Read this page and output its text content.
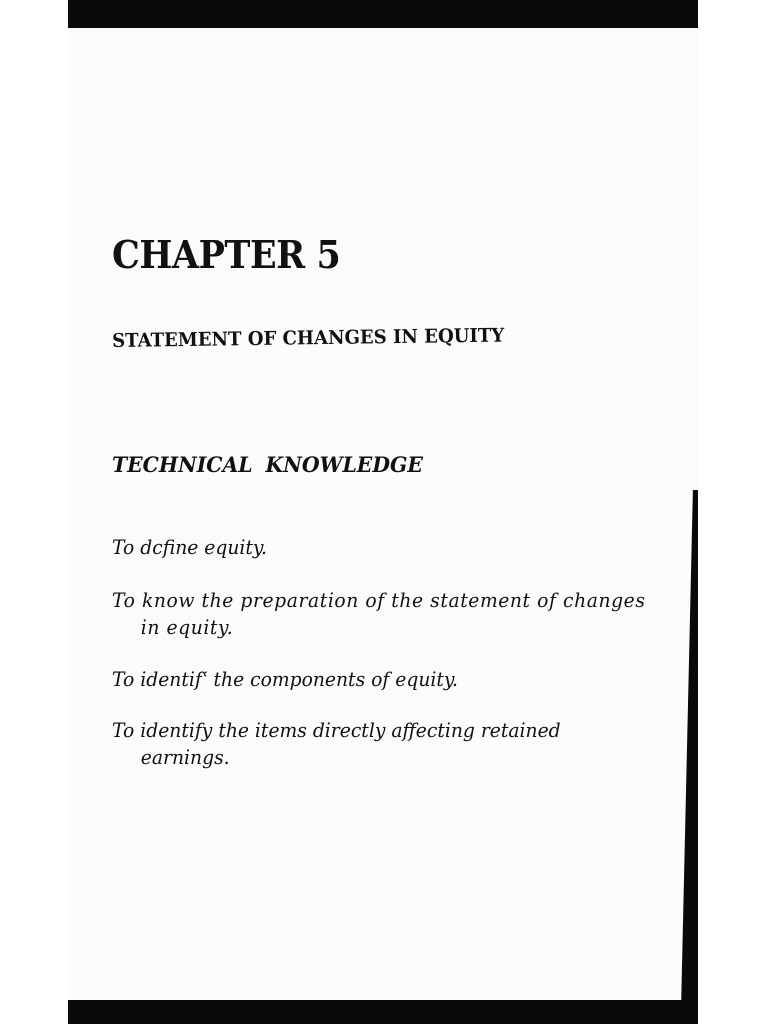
CHAPTER 5
STATEMENT OF CHANGES IN EQUITY
TECHNICAL KNOWLEDGE
To dcfine equity.
To know the preparation of the statement of changes in equity.
To identifʿ the components of equity.
To identify the items directly affecting retained earnings.
